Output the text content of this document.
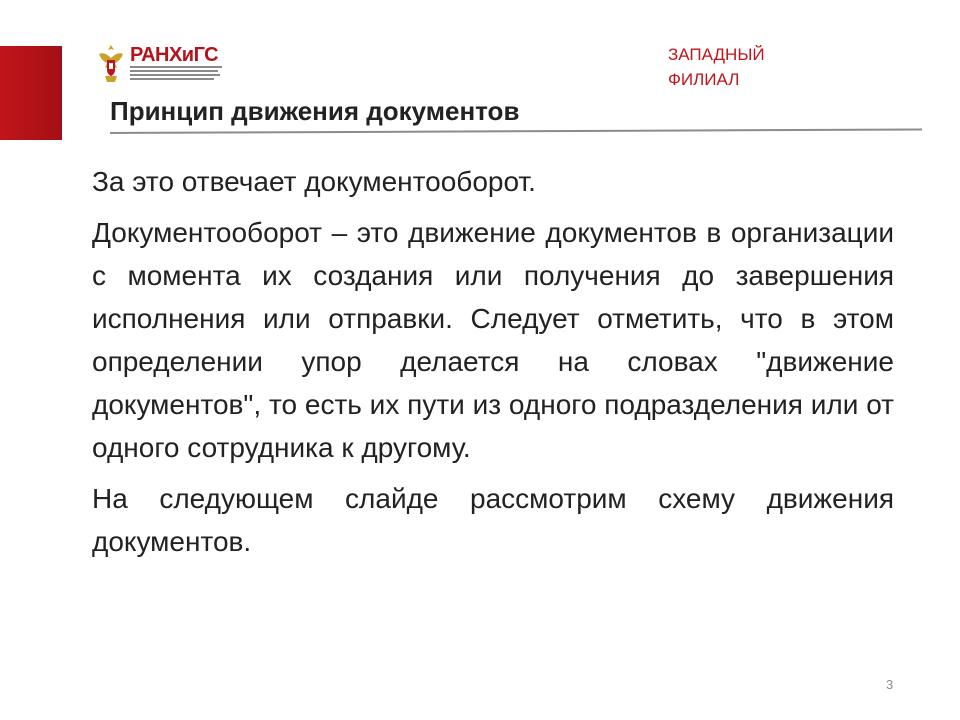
РАНХиГС	ЗАПАДНЫЙ
ФИЛИАЛ
Принцип движения документов

За это отвечает документооборот.

Документооборот – это движение документов в организации с момента их создания или получения до завершения исполнения или отправки. Следует отметить, что в этом определении упор делается на словах "движение документов", то есть их пути из одного подразделения или от одного сотрудника к другому.

На следующем слайде рассмотрим схему движения документов.

3
